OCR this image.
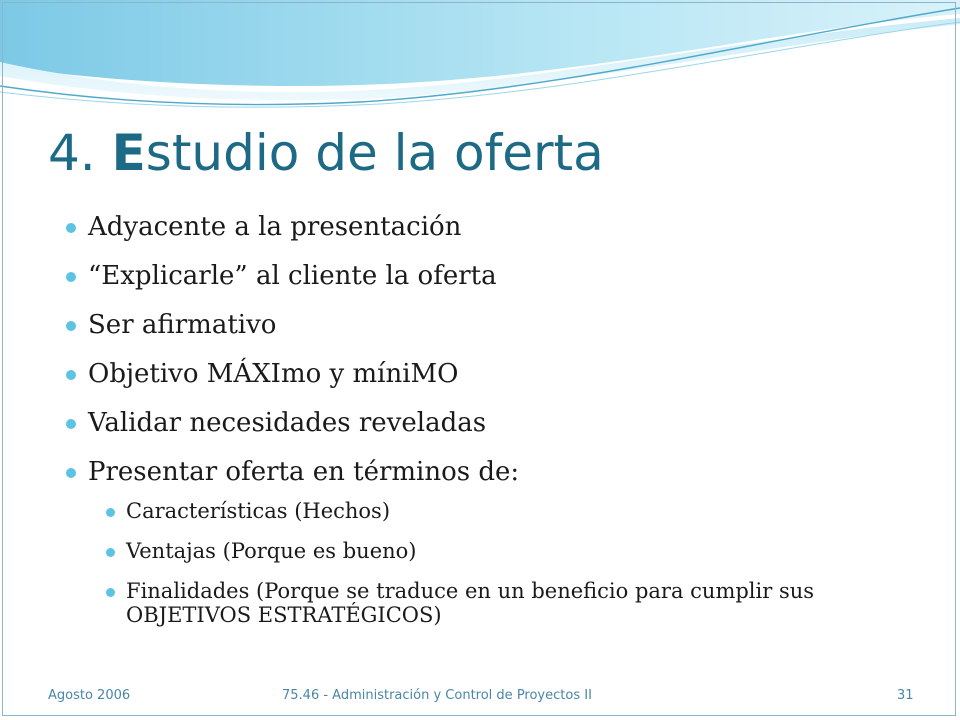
4. Estudio de la oferta
Adyacente a la presentación
“Explicarle” al cliente la oferta
Ser afirmativo
Objetivo MÁXImo y míniMO
Validar necesidades reveladas
Presentar oferta en términos de:
Características (Hechos)
Ventajas (Porque es bueno)
Finalidades (Porque se traduce en un beneficio para cumplir sus OBJETIVOS ESTRATÉGICOS)
Agosto 2006	75.46 - Administración y Control de Proyectos II	31
